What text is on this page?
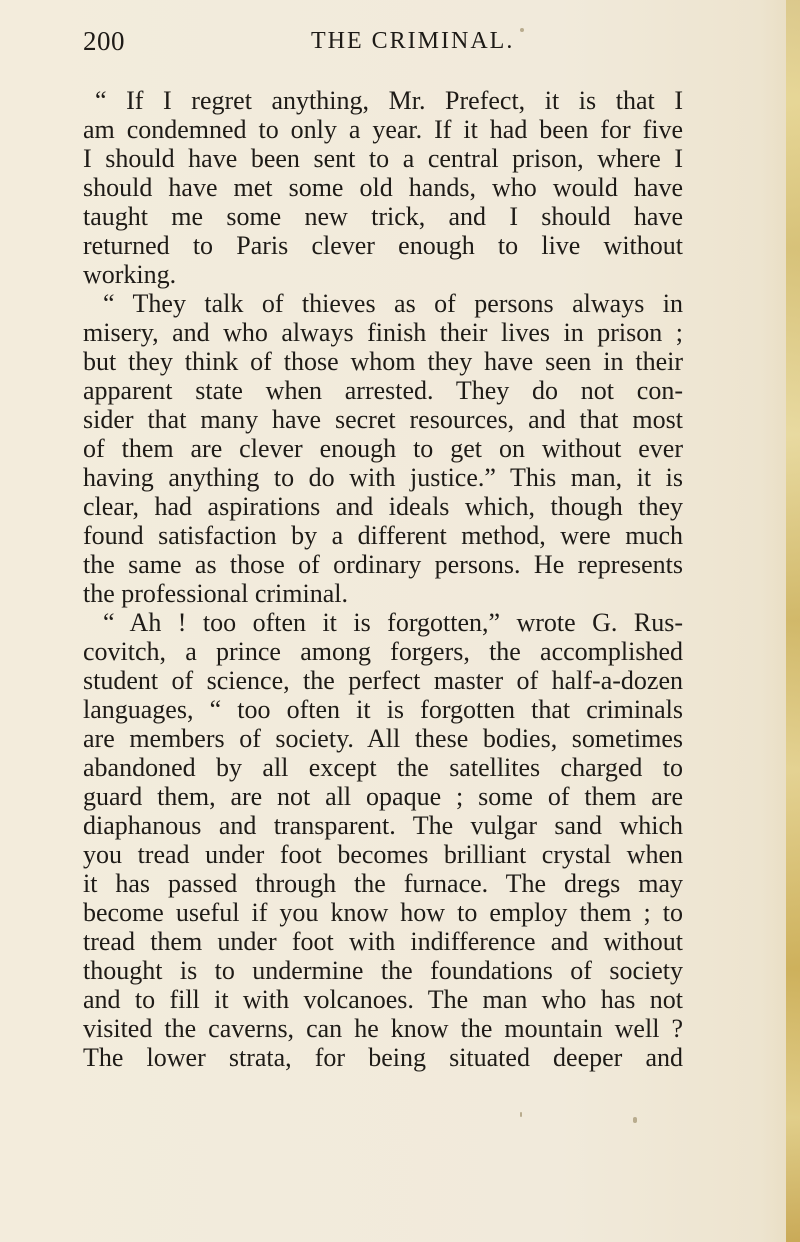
200	THE CRIMINAL.
“ If I regret anything, Mr. Prefect, it is that I
am condemned to only a year. If it had been for five
I should have been sent to a central prison, where I
should have met some old hands, who would have
taught me some new trick, and I should have
returned to Paris clever enough to live without
working.
“ They talk of thieves as of persons always in
misery, and who always finish their lives in prison ;
but they think of those whom they have seen in their
apparent state when arrested. They do not con-
sider that many have secret resources, and that most
of them are clever enough to get on without ever
having anything to do with justice.” This man, it is
clear, had aspirations and ideals which, though they
found satisfaction by a different method, were much
the same as those of ordinary persons. He represents
the professional criminal.
“ Ah ! too often it is forgotten,” wrote G. Rus-
covitch, a prince among forgers, the accomplished
student of science, the perfect master of half-a-dozen
languages, “ too often it is forgotten that criminals
are members of society. All these bodies, sometimes
abandoned by all except the satellites charged to
guard them, are not all opaque ; some of them are
diaphanous and transparent. The vulgar sand which
you tread under foot becomes brilliant crystal when
it has passed through the furnace. The dregs may
become useful if you know how to employ them ; to
tread them under foot with indifference and without
thought is to undermine the foundations of society
and to fill it with volcanoes. The man who has not
visited the caverns, can he know the mountain well ?
The lower strata, for being situated deeper and
